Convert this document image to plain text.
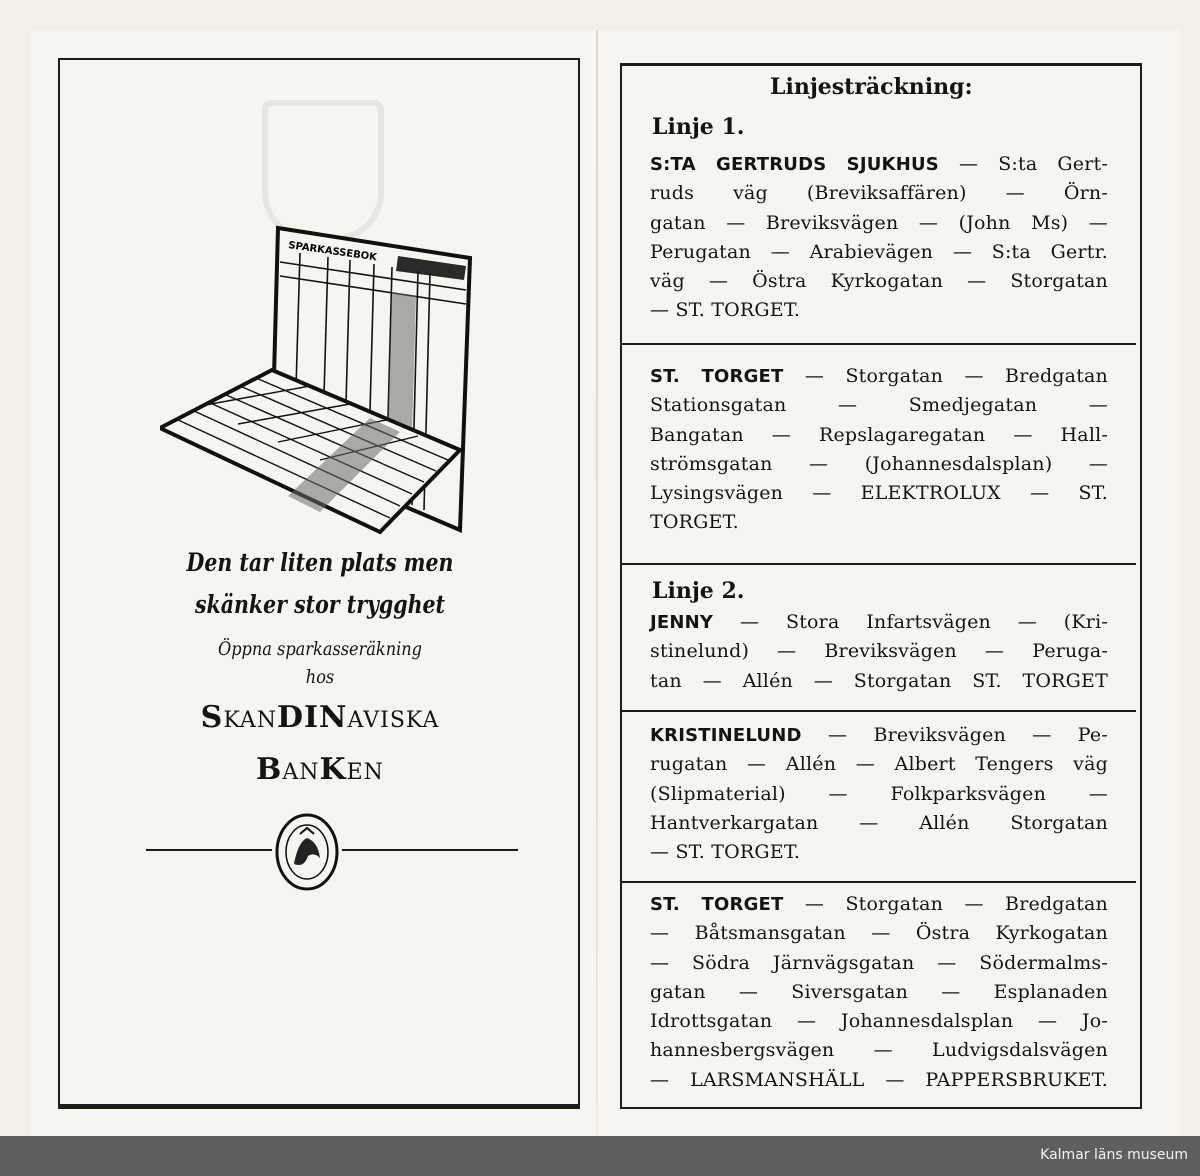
SPARKASSEBOK
Den tar liten plats men
skänker stor trygghet
Öppna sparkasseräkning
hos
SKANDINAVISKA
BANKEN
Linjesträckning:
Linje 1.
S:TA GERTRUDS SJUKHUS — S:ta Gert-
ruds väg (Breviksaffären) — Örn-
gatan — Breviksvägen — (John Ms) —
Perugatan — Arabievägen — S:ta Gertr.
väg — Östra Kyrkogatan — Storgatan
— ST. TORGET.
ST. TORGET — Storgatan — Bredgatan
Stationsgatan — Smedjegatan —
Bangatan — Repslagaregatan — Hall-
strömsgatan — (Johannesdalsplan) —
Lysingsvägen — ELEKTROLUX — ST.
TORGET.
Linje 2.
JENNY — Stora Infartsvägen — (Kri-
stinelund) — Breviksvägen — Peruga-
tan — Allén — Storgatan ST. TORGET
KRISTINELUND — Breviksvägen — Pe-
rugatan — Allén — Albert Tengers väg
(Slipmaterial) — Folkparksvägen —
Hantverkargatan — Allén Storgatan
— ST. TORGET.
ST. TORGET — Storgatan — Bredgatan
— Båtsmansgatan — Östra Kyrkogatan
— Södra Järnvägsgatan — Södermalms-
gatan — Siversgatan — Esplanaden
Idrottsgatan — Johannesdalsplan — Jo-
hannesbergsvägen — Ludvigsdalsvägen
— LARSMANSHÄLL — PAPPERSBRUKET.
Kalmar läns museum
